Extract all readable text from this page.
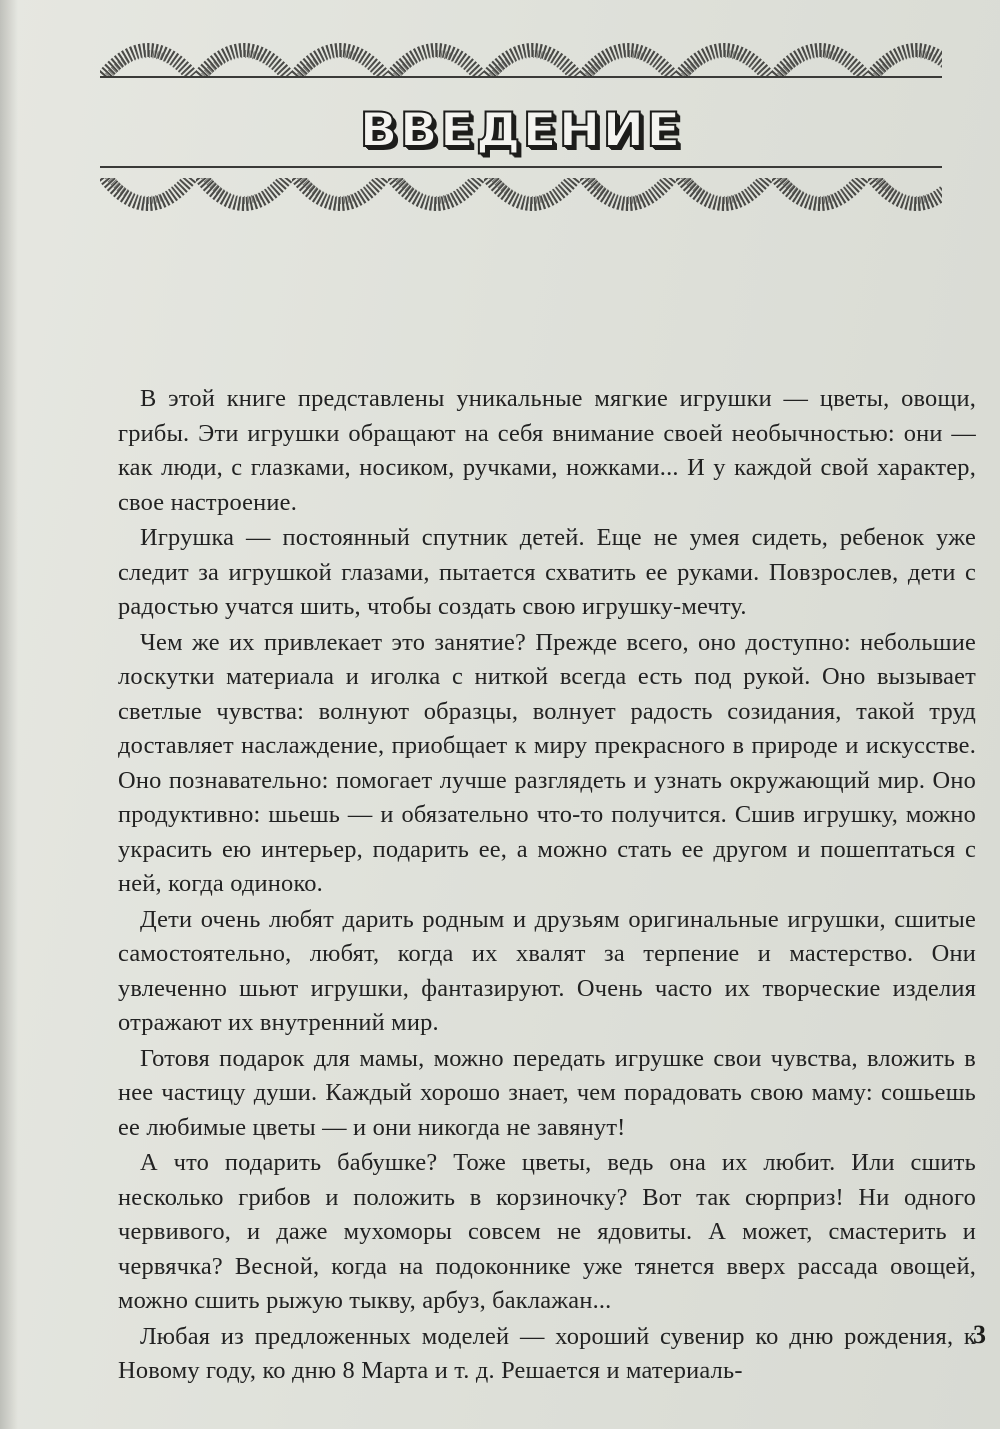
ВВЕДЕНИЕ

В этой книге представлены уникальные мягкие игрушки — цветы, овощи, грибы. Эти игрушки обращают на себя внимание своей необычностью: они — как люди, с глазками, носиком, ручками, ножками... И у каждой свой характер, свое настроение.

Игрушка — постоянный спутник детей. Еще не умея сидеть, ребенок уже следит за игрушкой глазами, пытается схватить ее руками. Повзрослев, дети с радостью учатся шить, чтобы создать свою игрушку-мечту.

Чем же их привлекает это занятие? Прежде всего, оно доступно: небольшие лоскутки материала и иголка с ниткой всегда есть под рукой. Оно вызывает светлые чувства: волнуют образцы, волнует радость созидания, такой труд доставляет наслаждение, приобщает к миру прекрасного в природе и искусстве. Оно познавательно: помогает лучше разглядеть и узнать окружающий мир. Оно продуктивно: шьешь — и обязательно что-то получится. Сшив игрушку, можно украсить ею интерьер, подарить ее, а можно стать ее другом и пошептаться с ней, когда одиноко.

Дети очень любят дарить родным и друзьям оригинальные игрушки, сшитые самостоятельно, любят, когда их хвалят за терпение и мастерство. Они увлеченно шьют игрушки, фантазируют. Очень часто их творческие изделия отражают их внутренний мир.

Готовя подарок для мамы, можно передать игрушке свои чувства, вложить в нее частицу души. Каждый хорошо знает, чем порадовать свою маму: сошьешь ее любимые цветы — и они никогда не завянут!

А что подарить бабушке? Тоже цветы, ведь она их любит. Или сшить несколько грибов и положить в корзиночку? Вот так сюрприз! Ни одного червивого, и даже мухоморы совсем не ядовиты. А может, смастерить и червячка? Весной, когда на подоконнике уже тянется вверх рассада овощей, можно сшить рыжую тыкву, арбуз, баклажан...

Любая из предложенных моделей — хороший сувенир ко дню рождения, к Новому году, ко дню 8 Марта и т. д. Решается и материаль-

3
